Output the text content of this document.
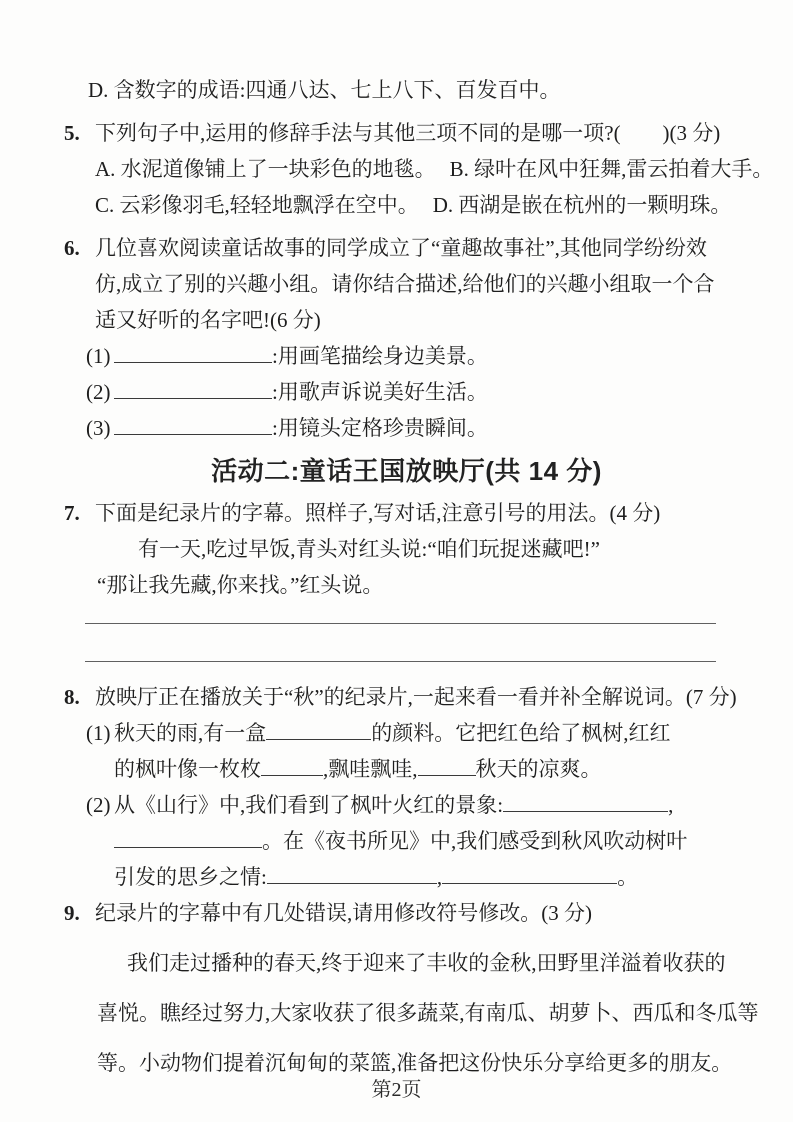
D. 含数字的成语:四通八达、七上八下、百发百中。
5. 下列句子中,运用的修辞手法与其他三项不同的是哪一项?(　　)(3 分)
A. 水泥道像铺上了一块彩色的地毯。 B. 绿叶在风中狂舞,雷云拍着大手。
C. 云彩像羽毛,轻轻地飘浮在空中。 D. 西湖是嵌在杭州的一颗明珠。
6. 几位喜欢阅读童话故事的同学成立了“童趣故事社”,其他同学纷纷效
仿,成立了别的兴趣小组。请你结合描述,给他们的兴趣小组取一个合
适又好听的名字吧!(6 分)
(1)	:用画笔描绘身边美景。
(2)	:用歌声诉说美好生活。
(3)	:用镜头定格珍贵瞬间。
活动二:童话王国放映厅(共 14 分)
7. 下面是纪录片的字幕。照样子,写对话,注意引号的用法。(4 分)
有一天,吃过早饭,青头对红头说:“咱们玩捉迷藏吧!”
“那让我先藏,你来找。”红头说。
8. 放映厅正在播放关于“秋”的纪录片,一起来看一看并补全解说词。(7 分)
(1) 秋天的雨,有一盒	的颜料。它把红色给了枫树,红红
的枫叶像一枚枚	,飘哇飘哇,	秋天的凉爽。
(2) 从《山行》中,我们看到了枫叶火红的景象:	,
。在《夜书所见》中,我们感受到秋风吹动树叶
引发的思乡之情:	,	。
9. 纪录片的字幕中有几处错误,请用修改符号修改。(3 分)
我们走过播种的春天,终于迎来了丰收的金秋,田野里洋溢着收获的
喜悦。瞧经过努力,大家收获了很多蔬菜,有南瓜、胡萝卜、西瓜和冬瓜等
等。小动物们提着沉甸甸的菜篮,准备把这份快乐分享给更多的朋友。
第2页
